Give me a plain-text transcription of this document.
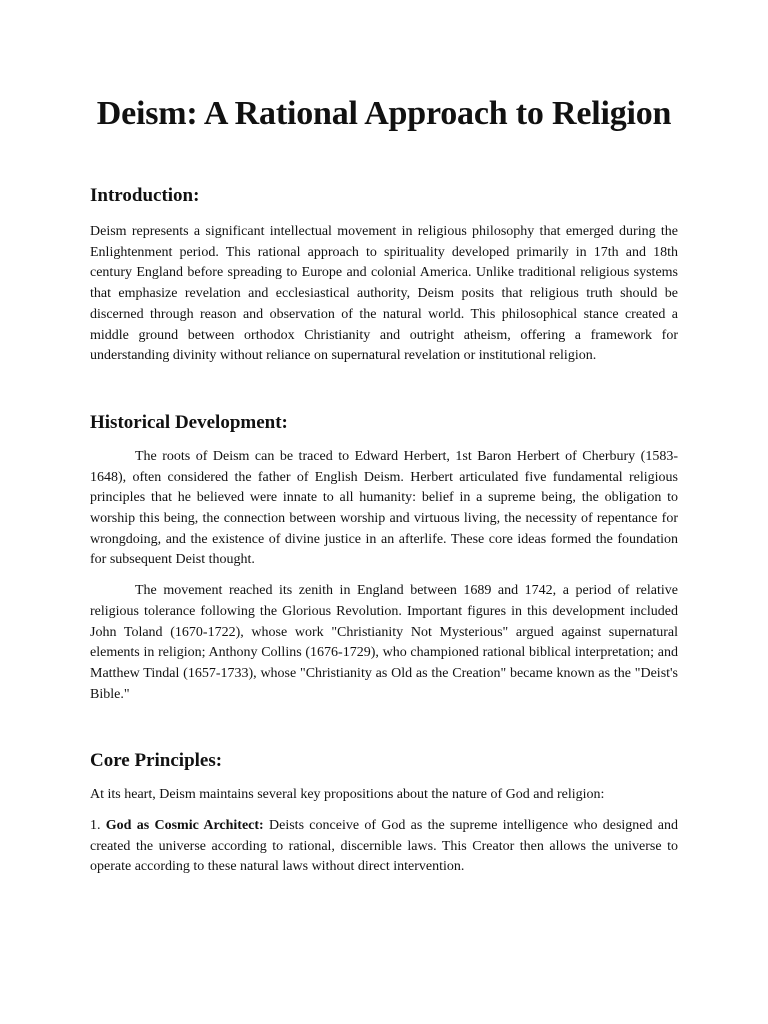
Deism: A Rational Approach to Religion
Introduction:

Deism represents a significant intellectual movement in religious philosophy that emerged during the Enlightenment period. This rational approach to spirituality developed primarily in 17th and 18th century England before spreading to Europe and colonial America. Unlike traditional religious systems that emphasize revelation and ecclesiastical authority, Deism posits that religious truth should be discerned through reason and observation of the natural world. This philosophical stance created a middle ground between orthodox Christianity and outright atheism, offering a framework for understanding divinity without reliance on supernatural revelation or institutional religion.

Historical Development:

The roots of Deism can be traced to Edward Herbert, 1st Baron Herbert of Cherbury (1583-1648), often considered the father of English Deism. Herbert articulated five fundamental religious principles that he believed were innate to all humanity: belief in a supreme being, the obligation to worship this being, the connection between worship and virtuous living, the necessity of repentance for wrongdoing, and the existence of divine justice in an afterlife. These core ideas formed the foundation for subsequent Deist thought.

The movement reached its zenith in England between 1689 and 1742, a period of relative religious tolerance following the Glorious Revolution. Important figures in this development included John Toland (1670-1722), whose work "Christianity Not Mysterious" argued against supernatural elements in religion; Anthony Collins (1676-1729), who championed rational biblical interpretation; and Matthew Tindal (1657-1733), whose "Christianity as Old as the Creation" became known as the "Deist's Bible."

Core Principles:

At its heart, Deism maintains several key propositions about the nature of God and religion:

1. God as Cosmic Architect: Deists conceive of God as the supreme intelligence who designed and created the universe according to rational, discernible laws. This Creator then allows the universe to operate according to these natural laws without direct intervention.
